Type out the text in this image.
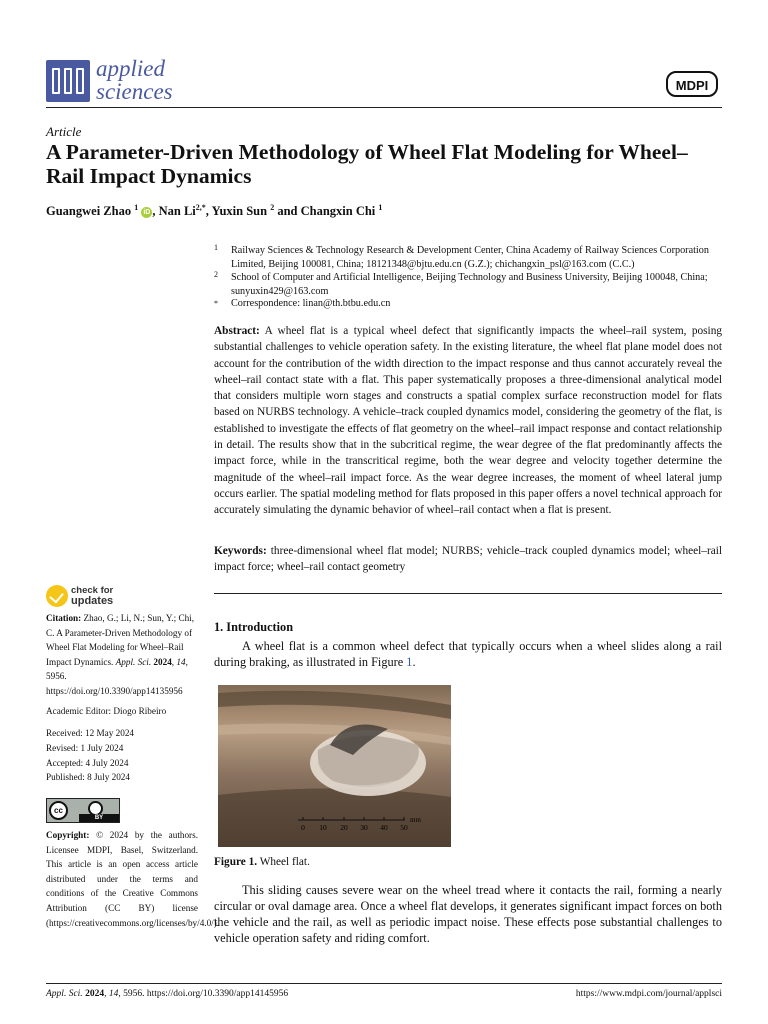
applied
sciences	MDPI
Article
A Parameter-Driven Methodology of Wheel Flat Modeling for Wheel–Rail Impact Dynamics
Guangwei Zhao $^1$ iD , Nan $Li^{2,*}$, Yuxin Sun $^2$ and Changxin Chi $^1$
1 Railway Sciences & Technology Research & Development Center, China Academy of Railway Sciences Corporation Limited, Beijing 100081, China; 18121348@bjtu.edu.cn (G.Z.); chichangxin_psl@163.com (C.C.)
2 School of Computer and Artificial Intelligence, Beijing Technology and Business University, Beijing 100048, China; sunyuxin429@163.com
* Correspondence: linan@th.btbu.edu.cn
Abstract: A wheel flat is a typical wheel defect that significantly impacts the wheel–rail system, posing substantial challenges to vehicle operation safety. In the existing literature, the wheel flat plane model does not account for the contribution of the width direction to the impact response and thus cannot accurately reveal the wheel–rail contact state with a flat. This paper systematically proposes a three-dimensional analytical model that considers multiple worn stages and constructs a spatial complex surface reconstruction model for flats based on NURBS technology. A vehicle–track coupled dynamics model, considering the geometry of the flat, is established to investigate the effects of flat geometry on the wheel–rail impact response and contact relationship in detail. The results show that in the subcritical regime, the wear degree of the flat predominantly affects the impact force, while in the transcritical regime, both the wear degree and velocity together determine the magnitude of the wheel–rail impact force. As the wear degree increases, the moment of wheel lateral jump occurs earlier. The spatial modeling method for flats proposed in this paper offers a novel technical approach for accurately simulating the dynamic behavior of wheel–rail contact when a flat is present.
Keywords: three-dimensional wheel flat model; NURBS; vehicle–track coupled dynamics model; wheel–rail impact force; wheel–rail contact geometry
check for
updates
Citation: Zhao, G.; Li, N.; Sun, Y.; Chi, C. A Parameter-Driven Methodology of Wheel Flat Modeling for Wheel–Rail Impact Dynamics. Appl. Sci. 2024, 14, 5956. https://doi.org/10.3390/app14135956
Academic Editor: Diogo Ribeiro
Received: 12 May 2024
Revised: 1 July 2024
Accepted: 4 July 2024
Published: 8 July 2024
cc
BY
Copyright: © 2024 by the authors. Licensee MDPI, Basel, Switzerland. This article is an open access article distributed under the terms and conditions of the Creative Commons Attribution (CC BY) license (https://creativecommons.org/licenses/by/4.0/).
1. Introduction
A wheel flat is a common wheel defect that typically occurs when a wheel slides along a rail during braking, as illustrated in Figure 1.
0 10 20 30 40 50
mm
Figure 1. Wheel flat.
This sliding causes severe wear on the wheel tread where it contacts the rail, forming a nearly circular or oval damage area. Once a wheel flat develops, it generates significant impact forces on both the vehicle and the rail, as well as periodic impact noise. These effects pose substantial challenges to vehicle operation safety and riding comfort.
Appl. Sci. 2024, 14, 5956. https://doi.org/10.3390/app14145956	https://www.mdpi.com/journal/applsci
